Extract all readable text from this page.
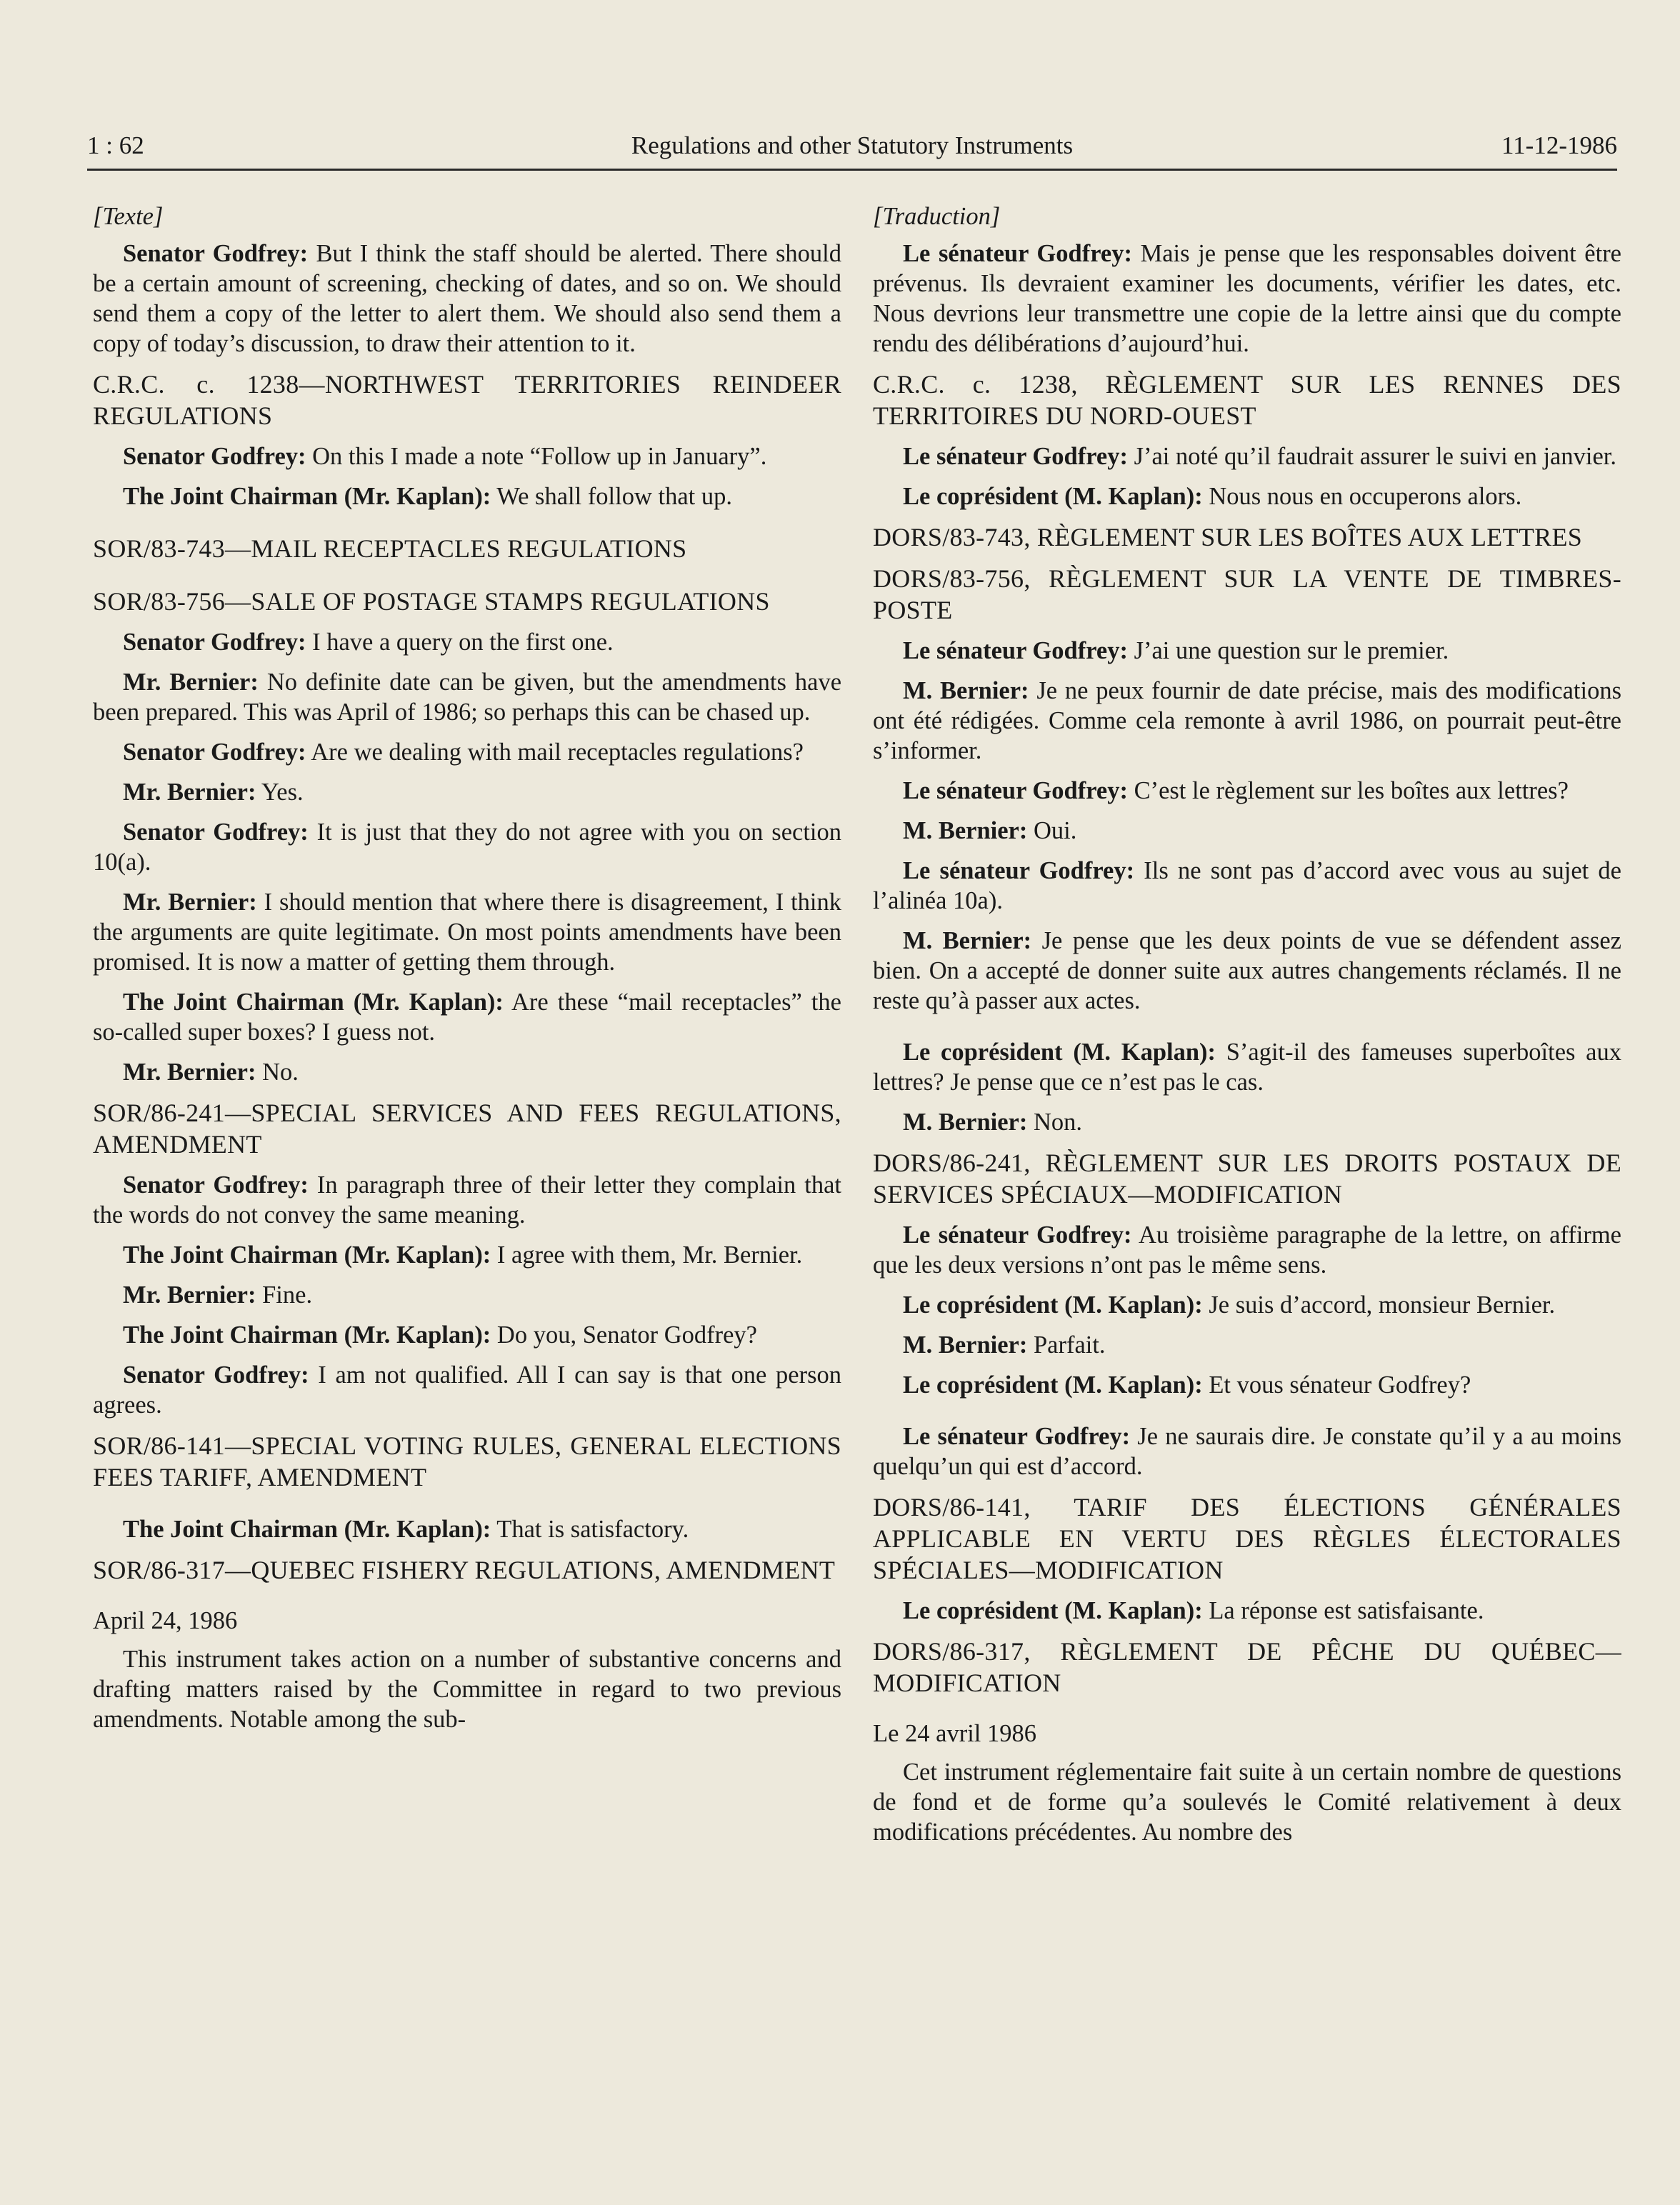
1 : 62	Regulations and other Statutory Instruments	11-12-1986

[Texte]

Senator Godfrey: But I think the staff should be alerted. There should be a certain amount of screening, checking of dates, and so on. We should send them a copy of the letter to alert them. We should also send them a copy of today’s discussion, to draw their attention to it.

C.R.C. c. 1238—NORTHWEST TERRITORIES REINDEER REGULATIONS

Senator Godfrey: On this I made a note “Follow up in January”.

The Joint Chairman (Mr. Kaplan): We shall follow that up.

SOR/83-743—MAIL RECEPTACLES REGULATIONS

SOR/83-756—SALE OF POSTAGE STAMPS REGULATIONS

Senator Godfrey: I have a query on the first one.

Mr. Bernier: No definite date can be given, but the amendments have been prepared. This was April of 1986; so perhaps this can be chased up.

Senator Godfrey: Are we dealing with mail receptacles regulations?

Mr. Bernier: Yes.

Senator Godfrey: It is just that they do not agree with you on section 10(a).

Mr. Bernier: I should mention that where there is disagreement, I think the arguments are quite legitimate. On most points amendments have been promised. It is now a matter of getting them through.

The Joint Chairman (Mr. Kaplan): Are these “mail receptacles” the so-called super boxes? I guess not.

Mr. Bernier: No.

SOR/86-241—SPECIAL SERVICES AND FEES REGULATIONS, AMENDMENT

Senator Godfrey: In paragraph three of their letter they complain that the words do not convey the same meaning.

The Joint Chairman (Mr. Kaplan): I agree with them, Mr. Bernier.

Mr. Bernier: Fine.

The Joint Chairman (Mr. Kaplan): Do you, Senator Godfrey?

Senator Godfrey: I am not qualified. All I can say is that one person agrees.

SOR/86-141—SPECIAL VOTING RULES, GENERAL ELECTIONS FEES TARIFF, AMENDMENT

The Joint Chairman (Mr. Kaplan): That is satisfactory.

SOR/86-317—QUEBEC FISHERY REGULATIONS, AMENDMENT

April 24, 1986

This instrument takes action on a number of substantive concerns and drafting matters raised by the Committee in regard to two previous amendments. Notable among the sub-

[Traduction]

Le sénateur Godfrey: Mais je pense que les responsables doivent être prévenus. Ils devraient examiner les documents, vérifier les dates, etc. Nous devrions leur transmettre une copie de la lettre ainsi que du compte rendu des délibérations d’aujourd’hui.

C.R.C. c. 1238, RÈGLEMENT SUR LES RENNES DES TERRITOIRES DU NORD-OUEST

Le sénateur Godfrey: J’ai noté qu’il faudrait assurer le suivi en janvier.

Le coprésident (M. Kaplan): Nous nous en occuperons alors.

DORS/83-743, RÈGLEMENT SUR LES BOÎTES AUX LETTRES

DORS/83-756, RÈGLEMENT SUR LA VENTE DE TIMBRES-POSTE

Le sénateur Godfrey: J’ai une question sur le premier.

M. Bernier: Je ne peux fournir de date précise, mais des modifications ont été rédigées. Comme cela remonte à avril 1986, on pourrait peut-être s’informer.

Le sénateur Godfrey: C’est le règlement sur les boîtes aux lettres?

M. Bernier: Oui.

Le sénateur Godfrey: Ils ne sont pas d’accord avec vous au sujet de l’alinéa 10a).

M. Bernier: Je pense que les deux points de vue se défendent assez bien. On a accepté de donner suite aux autres changements réclamés. Il ne reste qu’à passer aux actes.

Le coprésident (M. Kaplan): S’agit-il des fameuses superboîtes aux lettres? Je pense que ce n’est pas le cas.

M. Bernier: Non.

DORS/86-241, RÈGLEMENT SUR LES DROITS POSTAUX DE SERVICES SPÉCIAUX—MODIFICATION

Le sénateur Godfrey: Au troisième paragraphe de la lettre, on affirme que les deux versions n’ont pas le même sens.

Le coprésident (M. Kaplan): Je suis d’accord, monsieur Bernier.

M. Bernier: Parfait.

Le coprésident (M. Kaplan): Et vous sénateur Godfrey?

Le sénateur Godfrey: Je ne saurais dire. Je constate qu’il y a au moins quelqu’un qui est d’accord.

DORS/86-141, TARIF DES ÉLECTIONS GÉNÉRALES APPLICABLE EN VERTU DES RÈGLES ÉLECTORALES SPÉCIALES—MODIFICATION

Le coprésident (M. Kaplan): La réponse est satisfaisante.

DORS/86-317, RÈGLEMENT DE PÊCHE DU QUÉBEC—MODIFICATION

Le 24 avril 1986

Cet instrument réglementaire fait suite à un certain nombre de questions de fond et de forme qu’a soulevés le Comité relativement à deux modifications précédentes. Au nombre des
